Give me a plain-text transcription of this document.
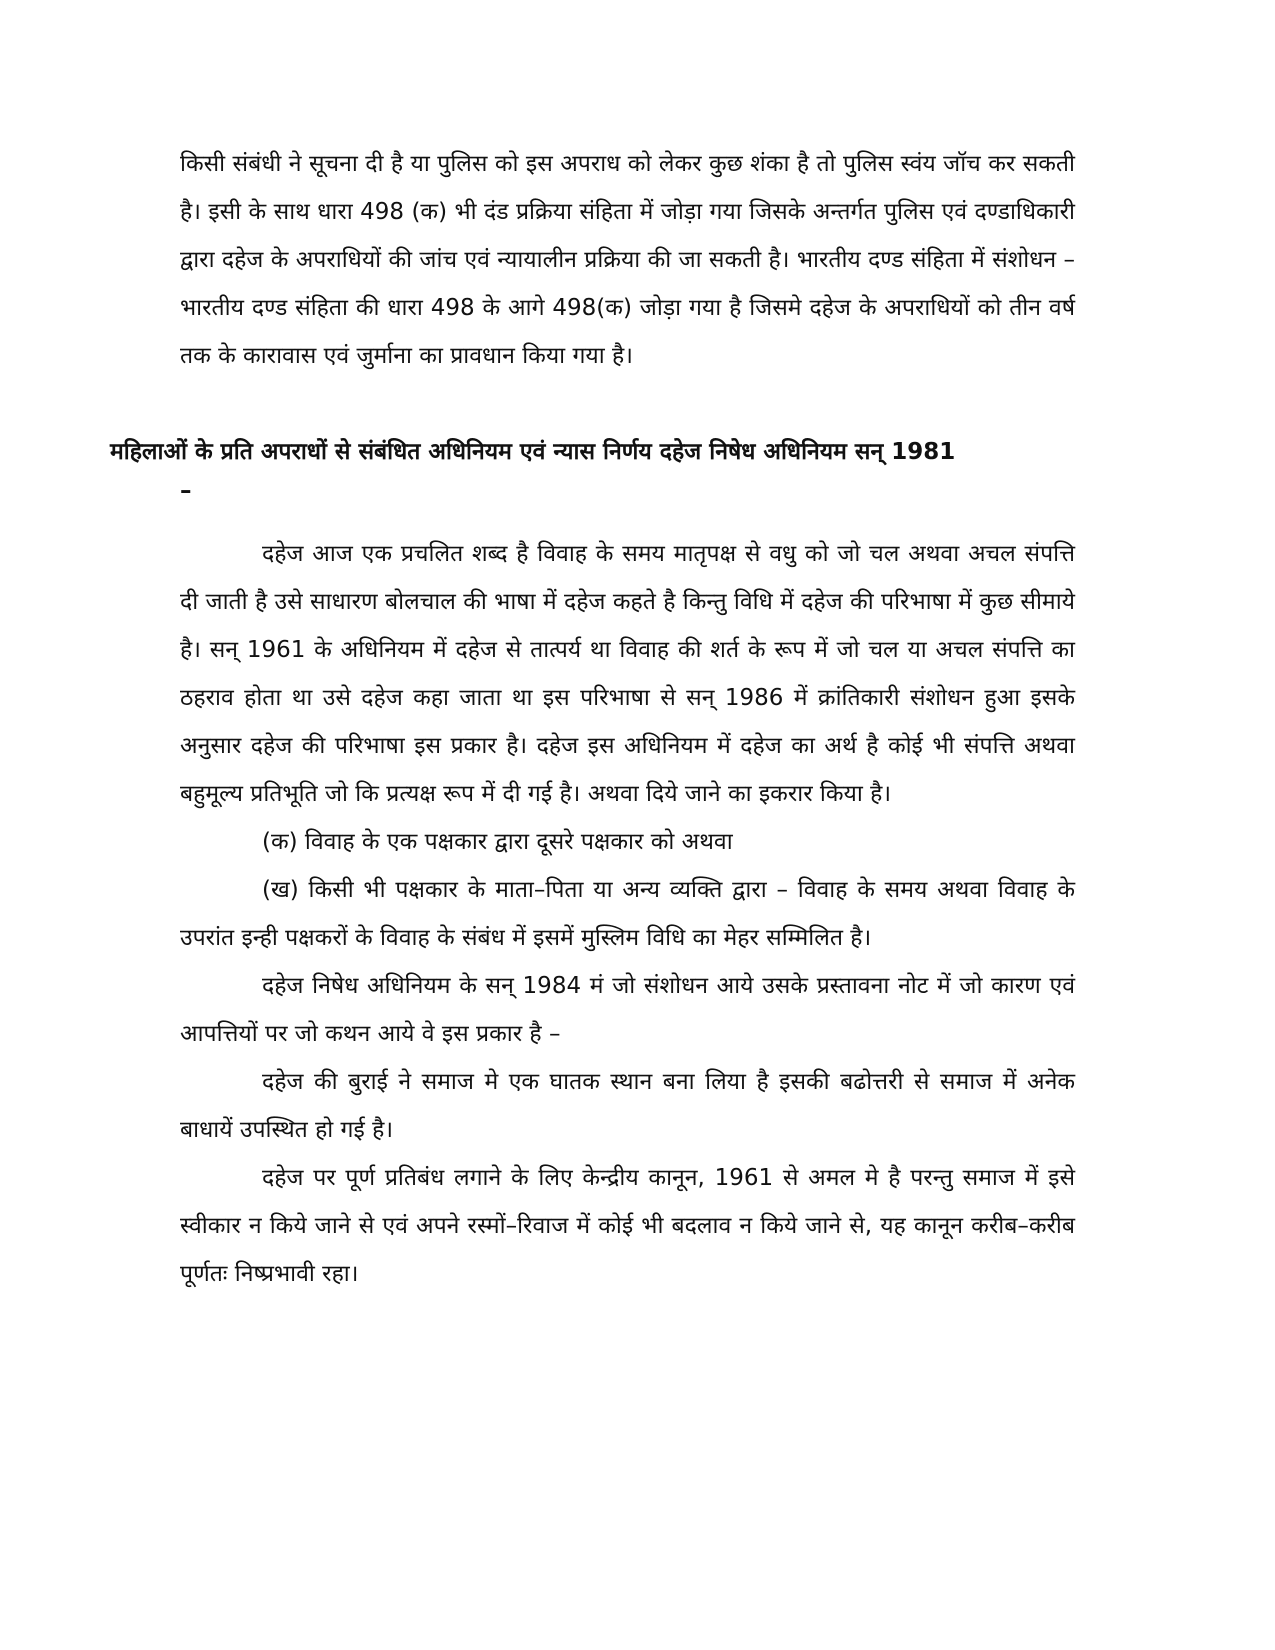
किसी संबंधी ने सूचना दी है या पुलिस को इस अपराध को लेकर कुछ शंका है तो पुलिस स्वंय जॉच कर सकती है। इसी के साथ धारा 498 (क) भी दंड प्रक्रिया संहिता में जोड़ा गया जिसके अन्तर्गत पुलिस एवं दण्डाधिकारी द्वारा दहेज के अपराधियों की जांच एवं न्यायालीन प्रक्रिया की जा सकती है। भारतीय दण्ड संहिता में संशोधन – भारतीय दण्ड संहिता की धारा 498 के आगे 498(क) जोड़ा गया है जिसमे दहेज के अपराधियों को तीन वर्ष तक के कारावास एवं जुर्माना का प्रावधान किया गया है।

महिलाओं के प्रति अपराधों से संबंधित अधिनियम एवं न्यास निर्णय दहेज निषेध अधिनियम सन् 1981
–

दहेज आज एक प्रचलित शब्द है विवाह के समय मातृपक्ष से वधु को जो चल अथवा अचल संपत्ति दी जाती है उसे साधारण बोलचाल की भाषा में दहेज कहते है किन्तु विधि में दहेज की परिभाषा में कुछ सीमाये है। सन् 1961 के अधिनियम में दहेज से तात्पर्य था विवाह की शर्त के रूप में जो चल या अचल संपत्ति का ठहराव होता था उसे दहेज कहा जाता था इस परिभाषा से सन् 1986 में क्रांतिकारी संशोधन हुआ इसके अनुसार दहेज की परिभाषा इस प्रकार है। दहेज इस अधिनियम में दहेज का अर्थ है कोई भी संपत्ति अथवा बहुमूल्य प्रतिभूति जो कि प्रत्यक्ष रूप में दी गई है। अथवा दिये जाने का इकरार किया है।

(क) विवाह के एक पक्षकार द्वारा दूसरे पक्षकार को अथवा

(ख) किसी भी पक्षकार के माता–पिता या अन्य व्यक्ति द्वारा – विवाह के समय अथवा विवाह के उपरांत इन्ही पक्षकरों के विवाह के संबंध में इसमें मुस्लिम विधि का मेहर सम्मिलित है।

दहेज निषेध अधिनियम के सन् 1984 मं जो संशोधन आये उसके प्रस्तावना नोट में जो कारण एवं आपत्तियों पर जो कथन आये वे इस प्रकार है –

दहेज की बुराई ने समाज मे एक घातक स्थान बना लिया है इसकी बढोत्तरी से समाज में अनेक बाधायें उपस्थित हो गई है।

दहेज पर पूर्ण प्रतिबंध लगाने के लिए केन्द्रीय कानून, 1961 से अमल मे है परन्तु समाज में इसे स्वीकार न किये जाने से एवं अपने रस्मों–रिवाज में कोई भी बदलाव न किये जाने से, यह कानून करीब–करीब पूर्णतः निष्प्रभावी रहा।
